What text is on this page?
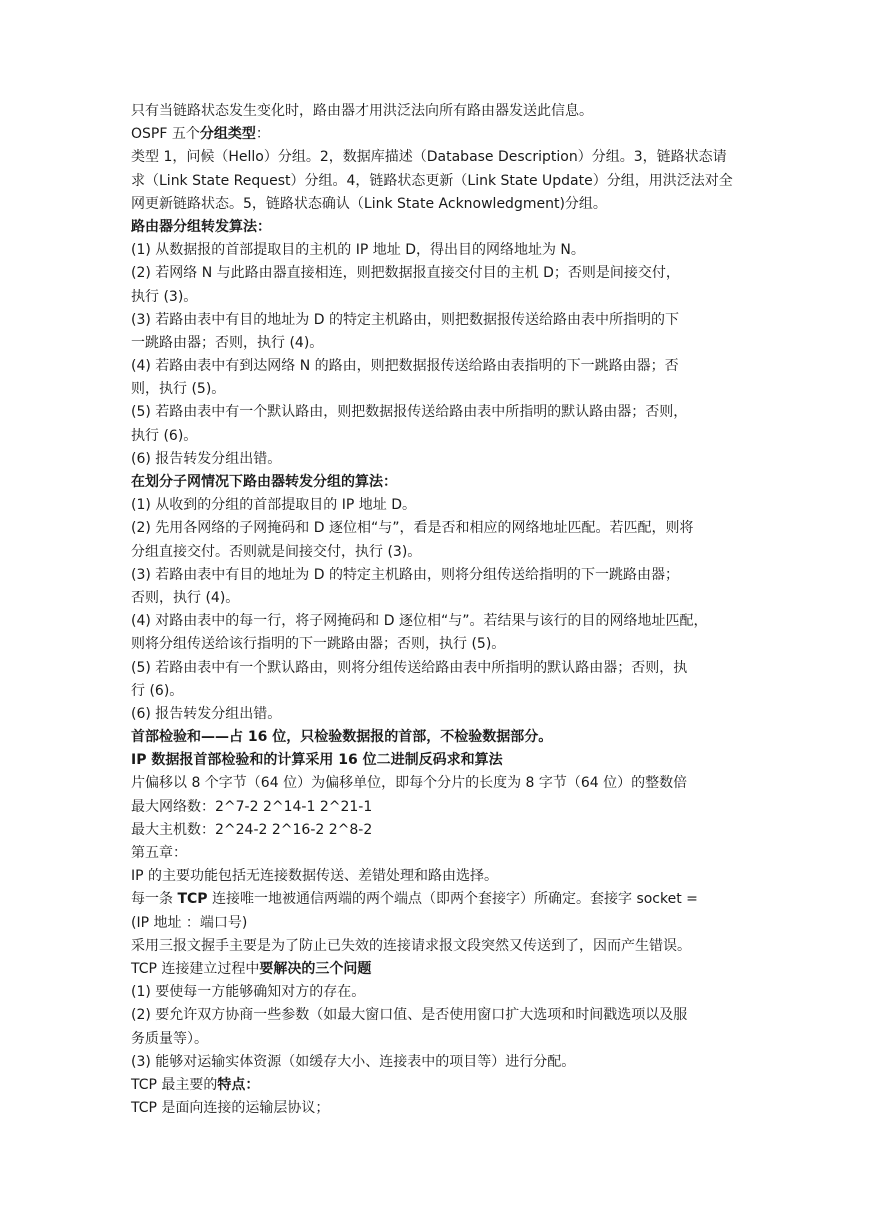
只有当链路状态发生变化时，路由器才用洪泛法向所有路由器发送此信息。
OSPF 五个分组类型：
类型 1，问候（Hello）分组。2，数据库描述（Database Description）分组。3，链路状态请
求（Link State Request）分组。4，链路状态更新（Link State Update）分组，用洪泛法对全
网更新链路状态。5，链路状态确认（Link State Acknowledgment)分组。
路由器分组转发算法：
(1) 从数据报的首部提取目的主机的 IP 地址 D，得出目的网络地址为 N。
(2) 若网络 N 与此路由器直接相连，则把数据报直接交付目的主机 D；否则是间接交付，
执行 (3)。
(3) 若路由表中有目的地址为 D 的特定主机路由，则把数据报传送给路由表中所指明的下
一跳路由器；否则，执行 (4)。
(4) 若路由表中有到达网络 N 的路由，则把数据报传送给路由表指明的下一跳路由器；否
则，执行 (5)。
(5) 若路由表中有一个默认路由，则把数据报传送给路由表中所指明的默认路由器；否则，
执行 (6)。
(6) 报告转发分组出错。
在划分子网情况下路由器转发分组的算法：
(1) 从收到的分组的首部提取目的 IP 地址 D。
(2) 先用各网络的子网掩码和 D 逐位相“与”，看是否和相应的网络地址匹配。若匹配，则将
分组直接交付。否则就是间接交付，执行 (3)。
(3) 若路由表中有目的地址为 D 的特定主机路由，则将分组传送给指明的下一跳路由器；
否则，执行 (4)。
(4) 对路由表中的每一行，将子网掩码和 D 逐位相“与”。若结果与该行的目的网络地址匹配，
则将分组传送给该行指明的下一跳路由器；否则，执行 (5)。
(5) 若路由表中有一个默认路由，则将分组传送给路由表中所指明的默认路由器；否则，执
行 (6)。
(6) 报告转发分组出错。
首部检验和——占 16 位，只检验数据报的首部，不检验数据部分。
IP 数据报首部检验和的计算采用 16 位二进制反码求和算法
片偏移以 8 个字节（64 位）为偏移单位，即每个分片的长度为 8 字节（64 位）的整数倍
最大网络数：2^7-2 2^14-1 2^21-1
最大主机数：2^24-2 2^16-2 2^8-2
第五章：
IP 的主要功能包括无连接数据传送、差错处理和路由选择。
每一条 TCP 连接唯一地被通信两端的两个端点（即两个套接字）所确定。套接字 socket =
(IP 地址 ：端口号)
采用三报文握手主要是为了防止已失效的连接请求报文段突然又传送到了，因而产生错误。
TCP 连接建立过程中要解决的三个问题
(1) 要使每一方能够确知对方的存在。
(2) 要允许双方协商一些参数（如最大窗口值、是否使用窗口扩大选项和时间戳选项以及服
务质量等）。
(3) 能够对运输实体资源（如缓存大小、连接表中的项目等）进行分配。
TCP 最主要的特点：
TCP 是面向连接的运输层协议；
